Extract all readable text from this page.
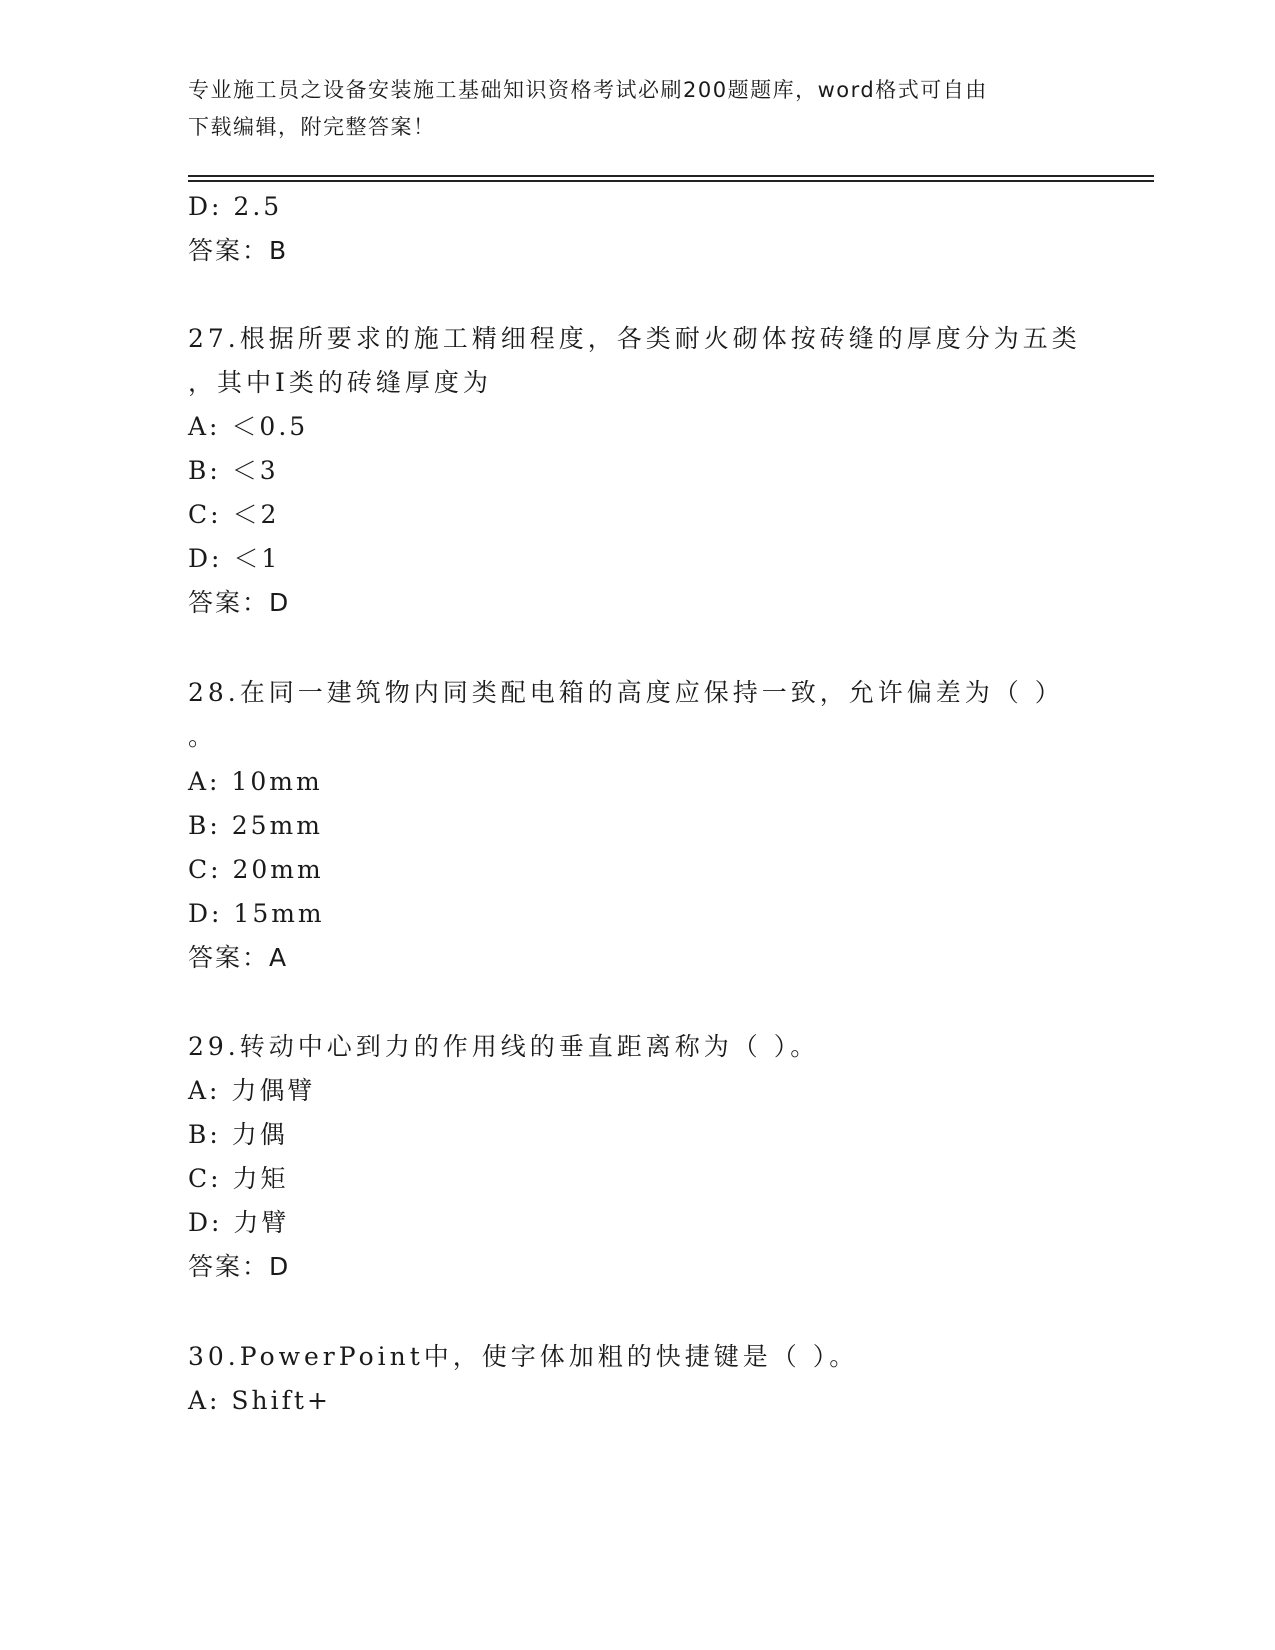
专业施工员之设备安装施工基础知识资格考试必刷200题题库，word格式可自由
下载编辑，附完整答案！
D: 2.5
答案：B
27.根据所要求的施工精细程度，各类耐火砌体按砖缝的厚度分为五类
，其中Ⅰ类的砖缝厚度为
A: ＜0.5
B: ＜3
C: ＜2
D: ＜1
答案：D
28.在同一建筑物内同类配电箱的高度应保持一致，允许偏差为（ ）
。
A: 10mm
B: 25mm
C: 20mm
D: 15mm
答案：A
29.转动中心到力的作用线的垂直距离称为（ ）。
A: 力偶臂
B: 力偶
C: 力矩
D: 力臂
答案：D
30.PowerPoint中，使字体加粗的快捷键是（ ）。
A: Shift+
